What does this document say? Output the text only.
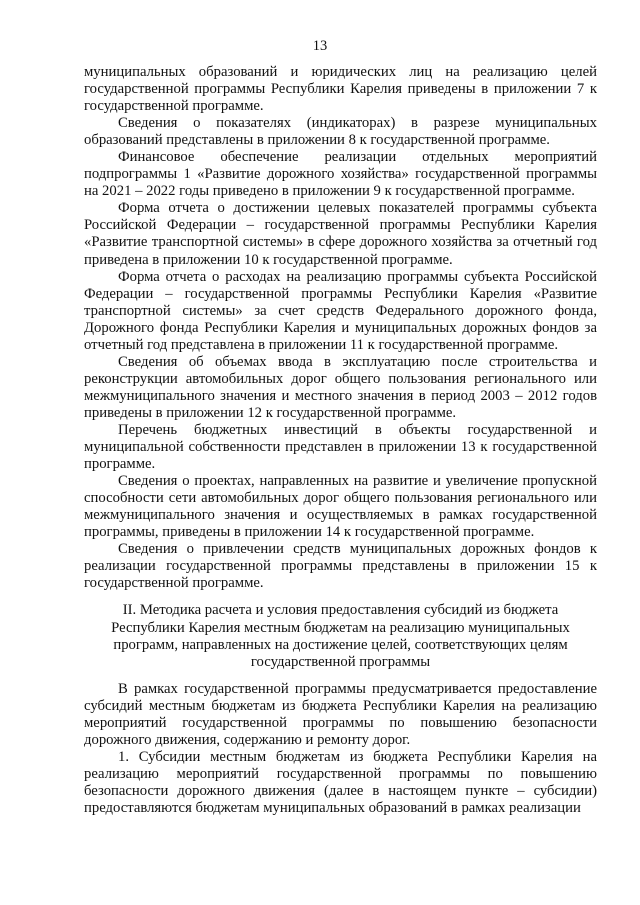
13

муниципальных образований и юридических лиц на реализацию целей государственной программы Республики Карелия приведены в приложении 7 к государственной программе.

Сведения о показателях (индикаторах) в разрезе муниципальных образований представлены в приложении 8 к государственной программе.

Финансовое обеспечение реализации отдельных мероприятий подпрограммы 1 «Развитие дорожного хозяйства» государственной программы на 2021 – 2022 годы приведено в приложении 9 к государственной программе.

Форма отчета о достижении целевых показателей программы субъекта Российской Федерации – государственной программы Республики Карелия «Развитие транспортной системы» в сфере дорожного хозяйства за отчетный год приведена в приложении 10 к государственной программе.

Форма отчета о расходах на реализацию программы субъекта Российской Федерации – государственной программы Республики Карелия «Развитие транспортной системы» за счет средств Федерального дорожного фонда, Дорожного фонда Республики Карелия и муниципальных дорожных фондов за отчетный год представлена в приложении 11 к государственной программе.

Сведения об объемах ввода в эксплуатацию после строительства и реконструкции автомобильных дорог общего пользования регионального или межмуниципального значения и местного значения в период 2003 – 2012 годов приведены в приложении 12 к государственной программе.

Перечень бюджетных инвестиций в объекты государственной и муниципальной собственности представлен в приложении 13 к государственной программе.

Сведения о проектах, направленных на развитие и увеличение пропускной способности сети автомобильных дорог общего пользования регионального или межмуниципального значения и осуществляемых в рамках государственной программы, приведены в приложении 14 к государственной программе.

Сведения о привлечении средств муниципальных дорожных фондов к реализации государственной программы представлены в приложении 15 к государственной программе.

II. Методика расчета и условия предоставления субсидий из бюджета Республики Карелия местным бюджетам на реализацию муниципальных программ, направленных на достижение целей, соответствующих целям государственной программы

В рамках государственной программы предусматривается предоставление субсидий местным бюджетам из бюджета Республики Карелия на реализацию мероприятий государственной программы по повышению безопасности дорожного движения, содержанию и ремонту дорог.

1. Субсидии местным бюджетам из бюджета Республики Карелия на реализацию мероприятий государственной программы по повышению безопасности дорожного движения (далее в настоящем пункте – субсидии) предоставляются бюджетам муниципальных образований в рамках реализации
